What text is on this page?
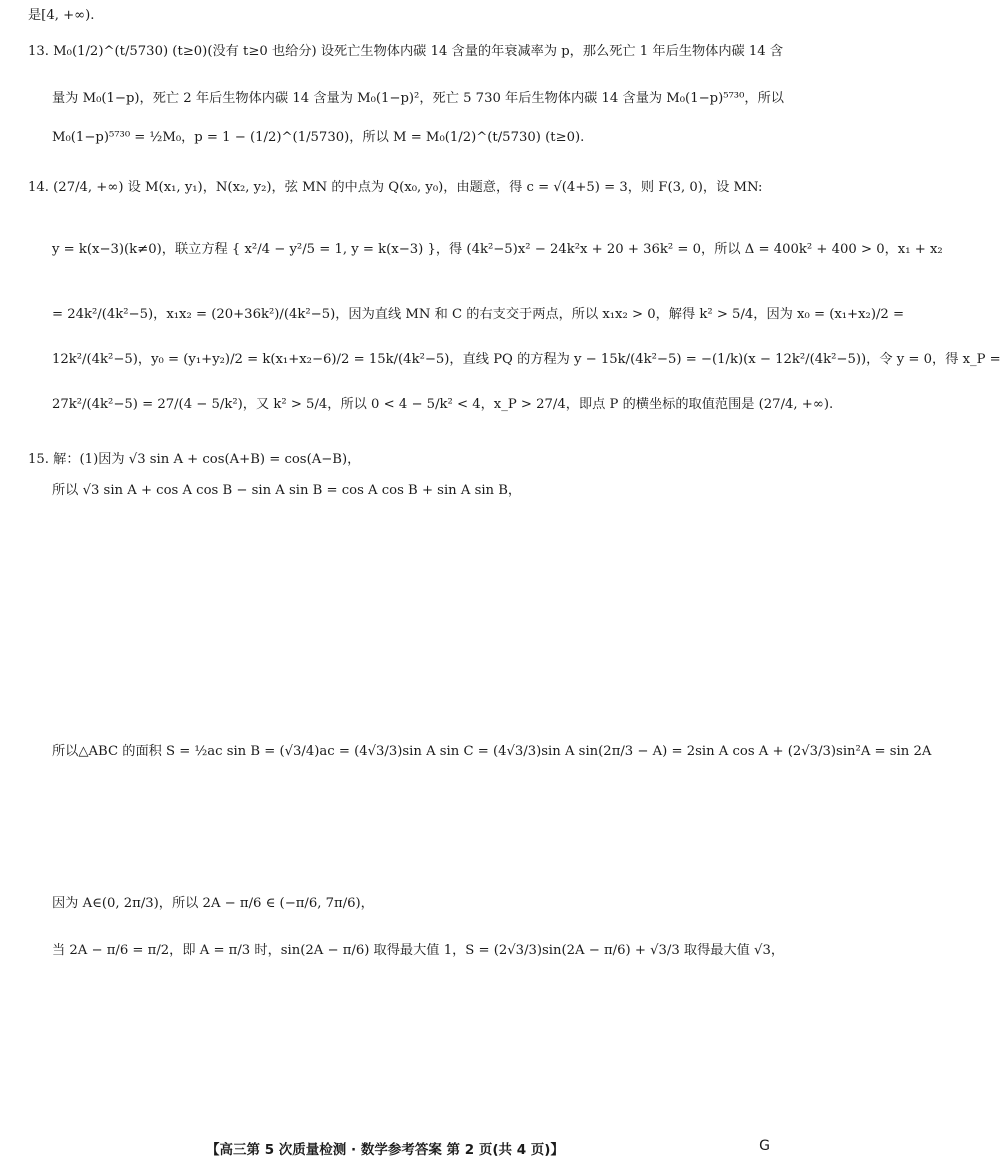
是[4, +∞).
13. M₀(1/2)^(t/5730) (t≥0)(没有 t≥0 也给分) 设死亡生物体内碳 14 含量的年衰减率为 p，那么死亡 1 年后生物体内碳 14 含
量为 M₀(1−p)，死亡 2 年后生物体内碳 14 含量为 M₀(1−p)²，死亡 5 730 年后生物体内碳 14 含量为 M₀(1−p)⁵⁷³⁰，所以
M₀(1−p)⁵⁷³⁰ = ½M₀，p = 1 − (1/2)^(1/5730)，所以 M = M₀(1/2)^(t/5730) (t≥0).
14. (27/4, +∞) 设 M(x₁, y₁)，N(x₂, y₂)，弦 MN 的中点为 Q(x₀, y₀)，由题意，得 c = √(4+5) = 3，则 F(3, 0)，设 MN:
y = k(x−3)(k≠0)，联立方程 { x²/4 − y²/5 = 1, y = k(x−3) }，得 (4k²−5)x² − 24k²x + 20 + 36k² = 0，所以 Δ = 400k² + 400 > 0，x₁ + x₂
= 24k²/(4k²−5)，x₁x₂ = (20+36k²)/(4k²−5)，因为直线 MN 和 C 的右支交于两点，所以 x₁x₂ > 0，解得 k² > 5/4，因为 x₀ = (x₁+x₂)/2 =
12k²/(4k²−5)，y₀ = (y₁+y₂)/2 = k(x₁+x₂−6)/2 = 15k/(4k²−5)，直线 PQ 的方程为 y − 15k/(4k²−5) = −(1/k)(x − 12k²/(4k²−5))，令 y = 0，得 x_P =
27k²/(4k²−5) = 27/(4 − 5/k²)，又 k² > 5/4，所以 0 < 4 − 5/k² < 4，x_P > 27/4，即点 P 的横坐标的取值范围是 (27/4, +∞).
15. 解：(1)因为 √3 sin A + cos(A+B) = cos(A−B)，
所以 √3 sin A + cos A cos B − sin A sin B = cos A cos B + sin A sin B，
所以△ABC 的面积 S = ½ac sin B = (√3/4)ac = (4√3/3)sin A sin C = (4√3/3)sin A sin(2π/3 − A) = 2sin A cos A + (2√3/3)sin²A = sin 2A
因为 A∈(0, 2π/3)，所以 2A − π/6 ∈ (−π/6, 7π/6)，
当 2A − π/6 = π/2，即 A = π/3 时，sin(2A − π/6) 取得最大值 1，S = (2√3/3)sin(2A − π/6) + √3/3 取得最大值 √3，
【高三第 5 次质量检测 · 数学参考答案 第 2 页(共 4 页)】	G
